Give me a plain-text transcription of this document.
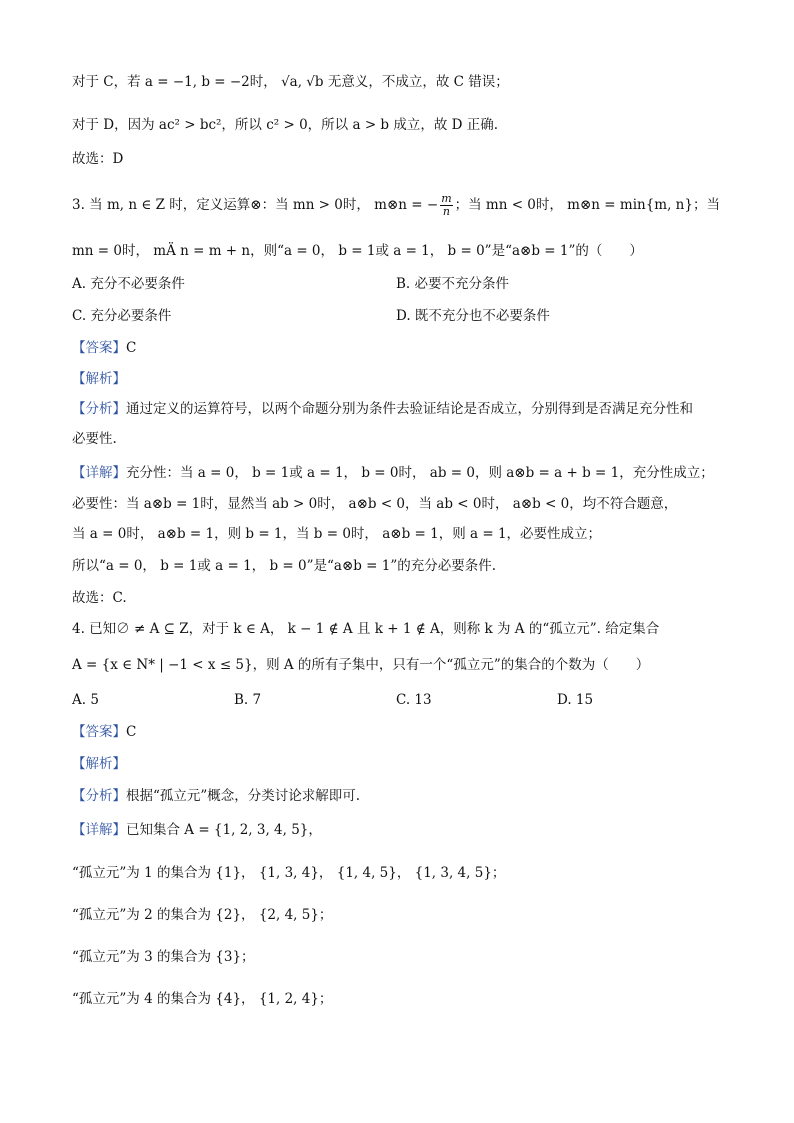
对于 C，若 a = −1, b = −2时， √a, √b 无意义，不成立，故 C 错误；
对于 D，因为 ac² > bc²，所以 c² > 0，所以 a > b 成立，故 D 正确.
故选：D
3. 当 m, n ∈ Z 时，定义运算⊗：当 mn > 0时， m⊗n = − $\frac{m}{n}$ ；当 mn < 0时， m⊗n = min{m, n}；当
mn = 0时， mÄ n = m + n，则“a = 0， b = 1或 a = 1， b = 0”是“a⊗b = 1”的（　　）
A. 充分不必要条件	B. 必要不充分条件
C. 充分必要条件	D. 既不充分也不必要条件
【答案】C
【解析】
【分析】通过定义的运算符号，以两个命题分别为条件去验证结论是否成立，分别得到是否满足充分性和
必要性.
【详解】充分性：当 a = 0， b = 1或 a = 1， b = 0时， ab = 0，则 a⊗b = a + b = 1，充分性成立；
必要性：当 a⊗b = 1时，显然当 ab > 0时， a⊗b < 0，当 ab < 0时， a⊗b < 0，均不符合题意，
当 a = 0时， a⊗b = 1，则 b = 1，当 b = 0时， a⊗b = 1，则 a = 1，必要性成立；
所以“a = 0， b = 1或 a = 1， b = 0”是“a⊗b = 1”的充分必要条件.
故选：C.
4. 已知∅ ≠ A ⊆ Z，对于 k ∈ A， k − 1 ∉ A 且 k + 1 ∉ A，则称 k 为 A 的“孤立元”. 给定集合
A = {x ∈ N* | −1 < x ≤ 5}，则 A 的所有子集中，只有一个“孤立元”的集合的个数为（　　）
A. 5	B. 7	C. 13	D. 15
【答案】C
【解析】
【分析】根据“孤立元”概念，分类讨论求解即可.
【详解】已知集合 A = {1, 2, 3, 4, 5}，
“孤立元”为 1 的集合为 {1}， {1, 3, 4}， {1, 4, 5}， {1, 3, 4, 5}；
“孤立元”为 2 的集合为 {2}， {2, 4, 5}；
“孤立元”为 3 的集合为 {3}；
“孤立元”为 4 的集合为 {4}， {1, 2, 4}；
